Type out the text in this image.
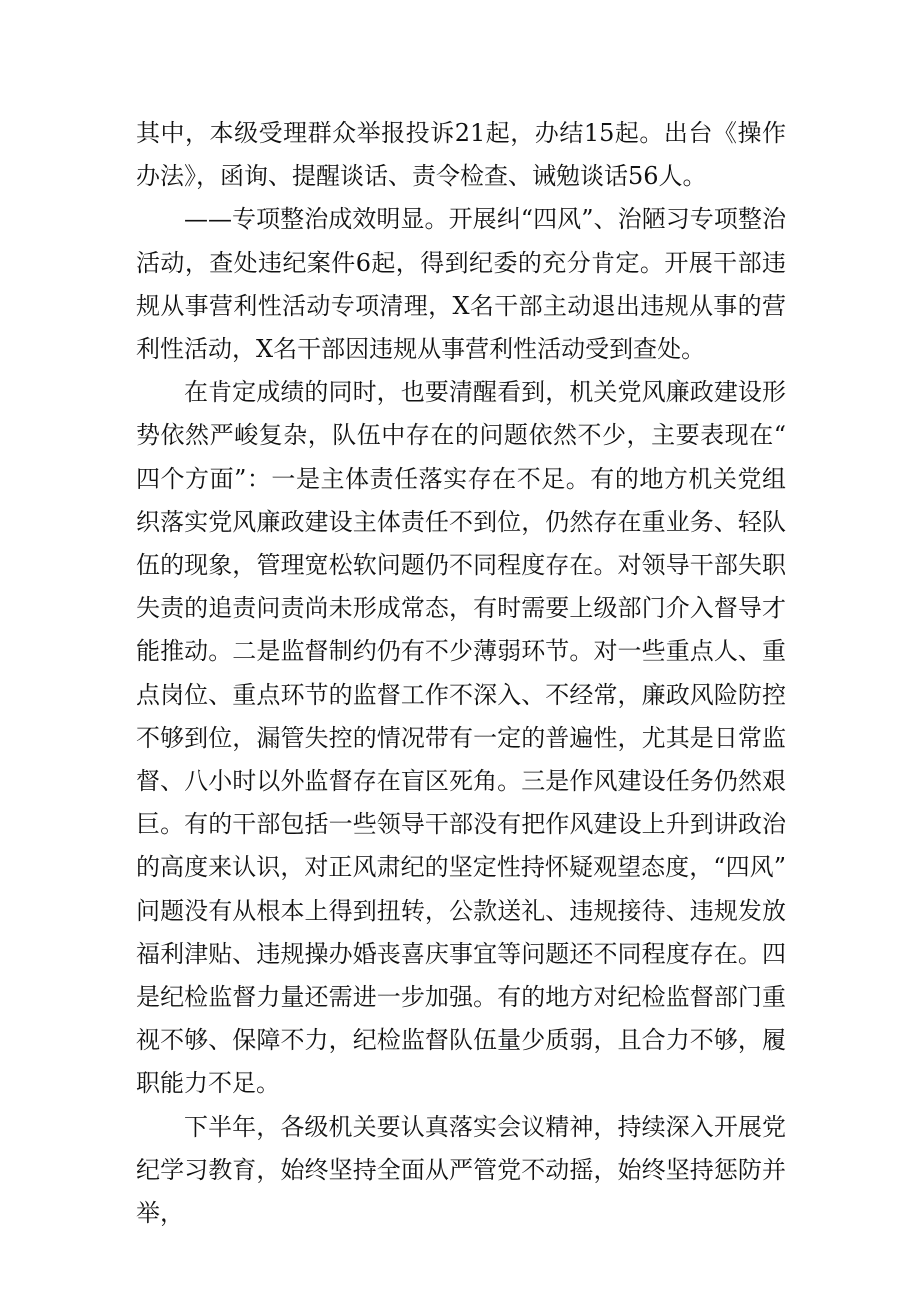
其中，本级受理群众举报投诉21起，办结15起。出台《操作办法》，函询、提醒谈话、责令检查、诫勉谈话56人。

——专项整治成效明显。开展纠“四风”、治陋习专项整治活动，查处违纪案件6起，得到纪委的充分肯定。开展干部违规从事营利性活动专项清理，X名干部主动退出违规从事的营利性活动，X名干部因违规从事营利性活动受到查处。

在肯定成绩的同时，也要清醒看到，机关党风廉政建设形势依然严峻复杂，队伍中存在的问题依然不少，主要表现在“四个方面”：一是主体责任落实存在不足。有的地方机关党组织落实党风廉政建设主体责任不到位，仍然存在重业务、轻队伍的现象，管理宽松软问题仍不同程度存在。对领导干部失职失责的追责问责尚未形成常态，有时需要上级部门介入督导才能推动。二是监督制约仍有不少薄弱环节。对一些重点人、重点岗位、重点环节的监督工作不深入、不经常，廉政风险防控不够到位，漏管失控的情况带有一定的普遍性，尤其是日常监督、八小时以外监督存在盲区死角。三是作风建设任务仍然艰巨。有的干部包括一些领导干部没有把作风建设上升到讲政治的高度来认识，对正风肃纪的坚定性持怀疑观望态度，“四风”问题没有从根本上得到扭转，公款送礼、违规接待、违规发放福利津贴、违规操办婚丧喜庆事宜等问题还不同程度存在。四是纪检监督力量还需进一步加强。有的地方对纪检监督部门重视不够、保障不力，纪检监督队伍量少质弱，且合力不够，履职能力不足。

下半年，各级机关要认真落实会议精神，持续深入开展党纪学习教育，始终坚持全面从严管党不动摇，始终坚持惩防并举，
